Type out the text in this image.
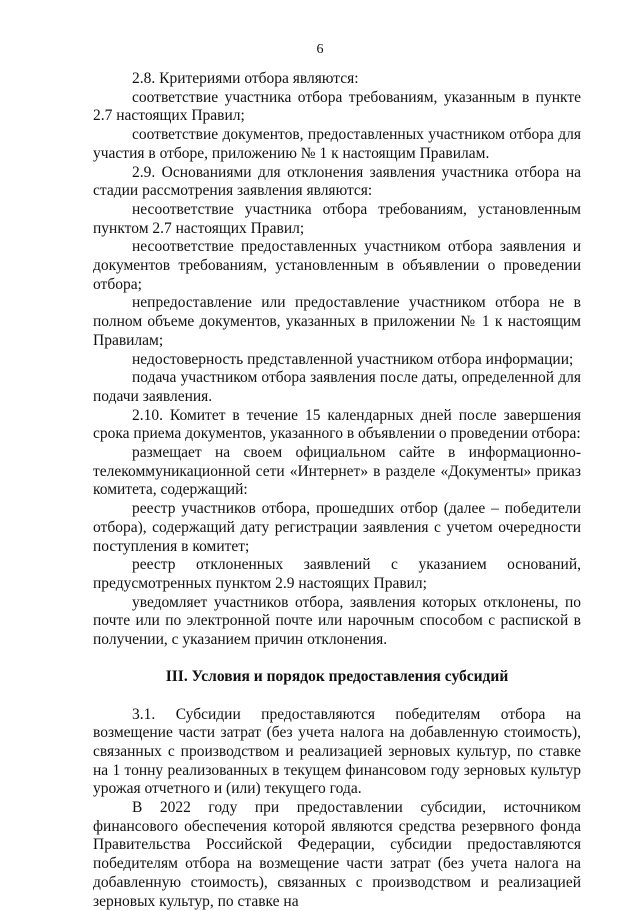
6

2.8. Критериями отбора являются:

соответствие участника отбора требованиям, указанным в пункте 2.7 настоящих Правил;

соответствие документов, предоставленных участником отбора для участия в отборе, приложению № 1 к настоящим Правилам.

2.9. Основаниями для отклонения заявления участника отбора на стадии рассмотрения заявления являются:

несоответствие участника отбора требованиям, установленным пунктом 2.7 настоящих Правил;

несоответствие предоставленных участником отбора заявления и документов требованиям, установленным в объявлении о проведении отбора;

непредоставление или предоставление участником отбора не в полном объеме документов, указанных в приложении № 1 к настоящим Правилам;

недостоверность представленной участником отбора информации;

подача участником отбора заявления после даты, определенной для подачи заявления.

2.10. Комитет в течение 15 календарных дней после завершения срока приема документов, указанного в объявлении о проведении отбора:

размещает на своем официальном сайте в информационно-телекоммуникационной сети «Интернет» в разделе «Документы» приказ комитета, содержащий:

реестр участников отбора, прошедших отбор (далее – победители отбора), содержащий дату регистрации заявления с учетом очередности поступления в комитет;

реестр отклоненных заявлений с указанием оснований, предусмотренных пунктом 2.9 настоящих Правил;

уведомляет участников отбора, заявления которых отклонены, по почте или по электронной почте или нарочным способом с распиской в получении, с указанием причин отклонения.

III. Условия и порядок предоставления субсидий

3.1. Субсидии предоставляются победителям отбора на возмещение части затрат (без учета налога на добавленную стоимость), связанных с производством и реализацией зерновых культур, по ставке на 1 тонну реализованных в текущем финансовом году зерновых культур урожая отчетного и (или) текущего года.

В 2022 году при предоставлении субсидии, источником финансового обеспечения которой являются средства резервного фонда Правительства Российской Федерации, субсидии предоставляются победителям отбора на возмещение части затрат (без учета налога на добавленную стоимость), связанных с производством и реализацией зерновых культур, по ставке на
